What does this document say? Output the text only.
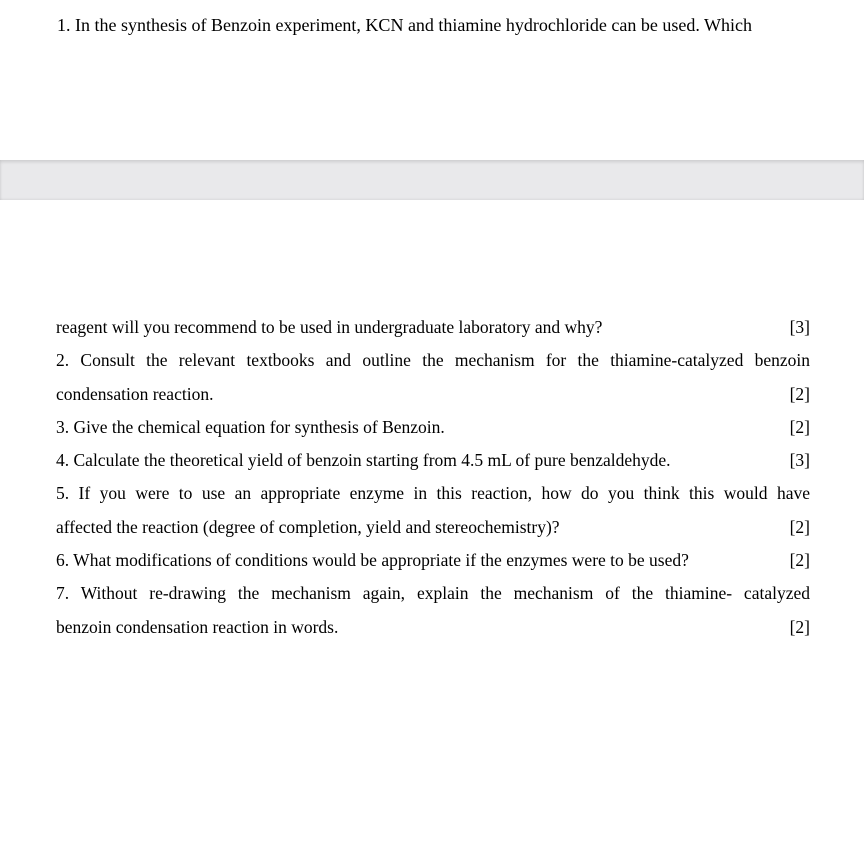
1. In the synthesis of Benzoin experiment, KCN and thiamine hydrochloride can be used. Which
reagent will you recommend to be used in undergraduate laboratory and why?	[3]
2. Consult the relevant textbooks and outline the mechanism for the thiamine-catalyzed benzoin
condensation reaction.	[2]
3. Give the chemical equation for synthesis of Benzoin.	[2]
4. Calculate the theoretical yield of benzoin starting from 4.5 mL of pure benzaldehyde.	[3]
5. If you were to use an appropriate enzyme in this reaction, how do you think this would have
affected the reaction (degree of completion, yield and stereochemistry)?	[2]
6. What modifications of conditions would be appropriate if the enzymes were to be used?	[2]
7. Without re-drawing the mechanism again, explain the mechanism of the thiamine- catalyzed
benzoin condensation reaction in words.	[2]
